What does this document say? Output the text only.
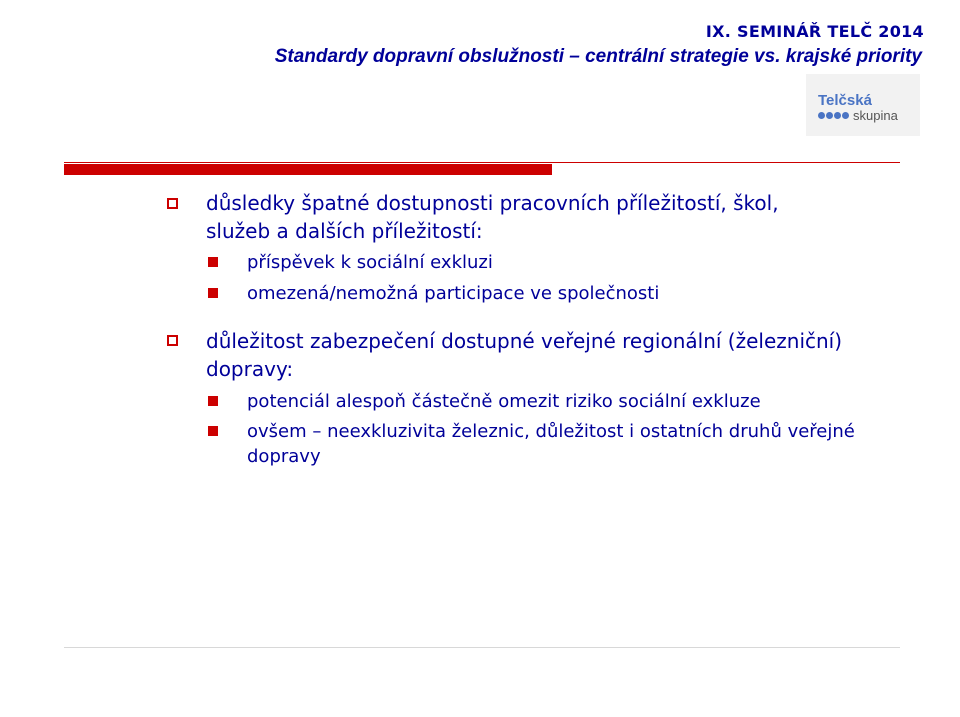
IX. SEMINÁŘ TELČ 2014
Standardy dopravní obslužnosti – centrální strategie vs. krajské priority
Telčská
skupina
důsledky špatné dostupnosti pracovních příležitostí, škol, služeb a dalších příležitostí:
příspěvek k sociální exkluzi
omezená/nemožná participace ve společnosti
důležitost zabezpečení dostupné veřejné regionální (železniční) dopravy:
potenciál alespoň částečně omezit riziko sociální exkluze
ovšem – neexkluzivita železnic, důležitost i ostatních druhů veřejné dopravy
